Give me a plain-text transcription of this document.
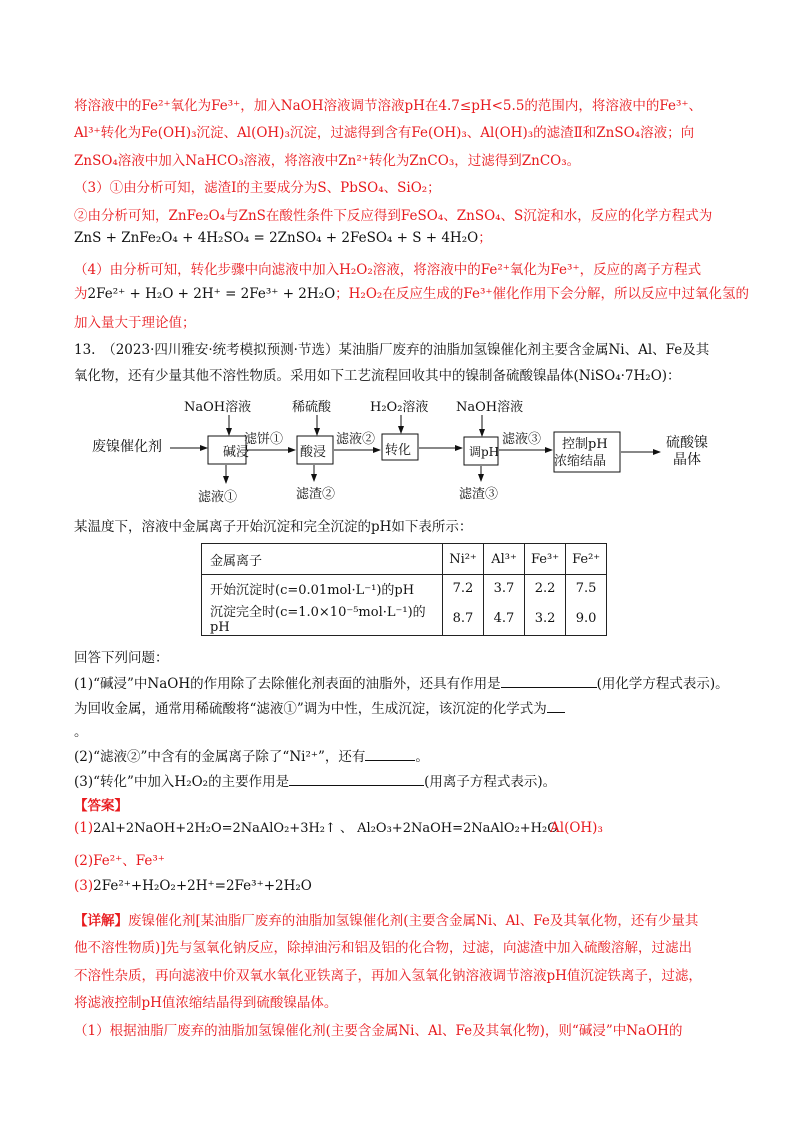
将溶液中的Fe²⁺氧化为Fe³⁺，加入NaOH溶液调节溶液pH在4.7≤pH<5.5的范围内，将溶液中的Fe³⁺、
Al³⁺转化为Fe(OH)₃沉淀、Al(OH)₃沉淀，过滤得到含有Fe(OH)₃、Al(OH)₃的滤渣Ⅱ和ZnSO₄溶液；向
ZnSO₄溶液中加入NaHCO₃溶液，将溶液中Zn²⁺转化为ZnCO₃，过滤得到ZnCO₃。
（3）①由分析可知，滤渣Ⅰ的主要成分为S、PbSO₄、SiO₂；
②由分析可知，ZnFe₂O₄与ZnS在酸性条件下反应得到FeSO₄、ZnSO₄、S沉淀和水，反应的化学方程式为
ZnS + ZnFe₂O₄ + 4H₂SO₄ = 2ZnSO₄ + 2FeSO₄ + S + 4H₂O；
（4）由分析可知，转化步骤中向滤液中加入H₂O₂溶液，将溶液中的Fe²⁺氧化为Fe³⁺，反应的离子方程式
为2Fe²⁺ + H₂O + 2H⁺ = 2Fe³⁺ + 2H₂O；H₂O₂在反应生成的Fe³⁺催化作用下会分解，所以反应中过氧化氢的
加入量大于理论值；
13.　（2023·四川雅安·统考模拟预测·节选）某油脂厂废弃的油脂加氢镍催化剂主要含金属Ni、Al、Fe及其
氧化物，还有少量其他不溶性物质。采用如下工艺流程回收其中的镍制备硫酸镍晶体(NiSO₄·7H₂O)：
废镍催化剂
NaOH溶液	稀硫酸	H₂O₂溶液 NaOH溶液
滤饼①	滤液②	滤液③
滤液①	滤渣②	滤渣③
碱浸	酸浸	转化	调pH	控制pH
浓缩结晶
硫酸镍
晶体
某温度下，溶液中金属离子开始沉淀和完全沉淀的pH如下表所示：
金属离子	Ni²⁺	Al³⁺	Fe³⁺	Fe²⁺
开始沉淀时(c=0.01mol·L⁻¹)的pH	7.2	3.7	2.2	7.5
沉淀完全时(c=1.0×10⁻⁵mol·L⁻¹)的pH	8.7	4.7	3.2	9.0
回答下列问题：
(1)“碱浸”中NaOH的作用除了去除催化剂表面的油脂外，还具有作用是	(用化学方程式表示)。
为回收金属，通常用稀硫酸将“滤液①”调为中性，生成沉淀，该沉淀的化学式为
。
(2)“滤液②”中含有的金属离子除了“Ni²⁺”，还有	。
(3)“转化”中加入H₂O₂的主要作用是	(用离子方程式表示)。
【答案】
(1)2Al+2NaOH+2H₂O=2NaAlO₂+3H₂↑ 、 Al₂O₃+2NaOH=2NaAlO₂+H₂O
Al(OH)₃
(2)Fe²⁺、Fe³⁺
(3)2Fe²⁺+H₂O₂+2H⁺=2Fe³⁺+2H₂O
【详解】废镍催化剂[某油脂厂废弃的油脂加氢镍催化剂(主要含金属Ni、Al、Fe及其氧化物，还有少量其
他不溶性物质)]先与氢氧化钠反应，除掉油污和铝及铝的化合物，过滤，向滤渣中加入硫酸溶解，过滤出
不溶性杂质，再向滤液中价双氧水氧化亚铁离子，再加入氢氧化钠溶液调节溶液pH值沉淀铁离子，过滤，
将滤液控制pH值浓缩结晶得到硫酸镍晶体。
（1）根据油脂厂废弃的油脂加氢镍催化剂(主要含金属Ni、Al、Fe及其氧化物)，则“碱浸”中NaOH的
